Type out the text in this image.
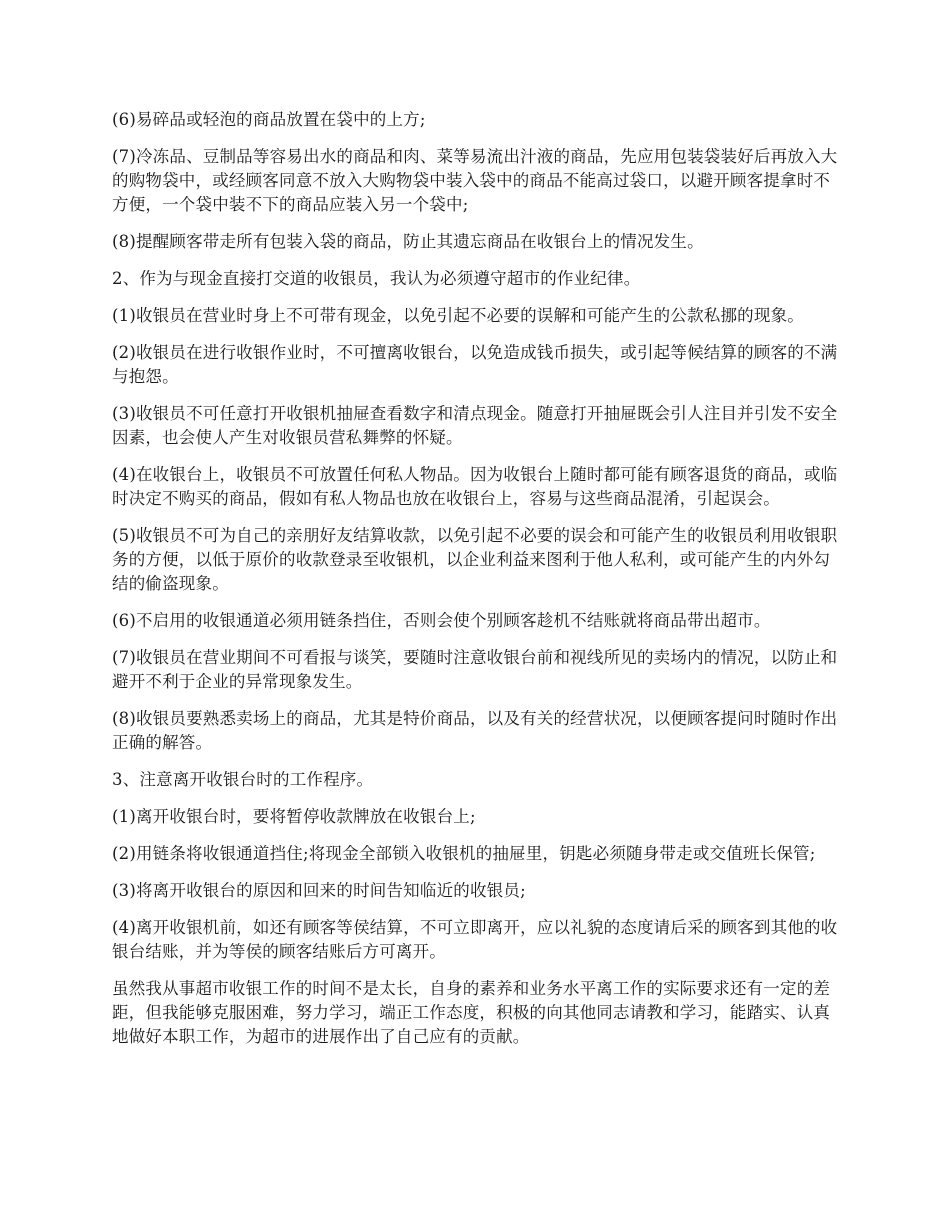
(6)易碎品或轻泡的商品放置在袋中的上方;

(7)冷冻品、豆制品等容易出水的商品和肉、菜等易流出汁液的商品，先应用包装袋装好后再放入大的购物袋中，或经顾客同意不放入大购物袋中装入袋中的商品不能高过袋口，以避开顾客提拿时不方便，一个袋中装不下的商品应装入另一个袋中;

(8)提醒顾客带走所有包装入袋的商品，防止其遗忘商品在收银台上的情况发生。

2、作为与现金直接打交道的收银员，我认为必须遵守超市的作业纪律。

(1)收银员在营业时身上不可带有现金，以免引起不必要的误解和可能产生的公款私挪的现象。

(2)收银员在进行收银作业时，不可擅离收银台，以免造成钱币损失，或引起等候结算的顾客的不满与抱怨。

(3)收银员不可任意打开收银机抽屉查看数字和清点现金。随意打开抽屉既会引人注目并引发不安全因素，也会使人产生对收银员营私舞弊的怀疑。

(4)在收银台上，收银员不可放置任何私人物品。因为收银台上随时都可能有顾客退货的商品，或临时决定不购买的商品，假如有私人物品也放在收银台上，容易与这些商品混淆，引起误会。

(5)收银员不可为自己的亲朋好友结算收款，以免引起不必要的误会和可能产生的收银员利用收银职务的方便，以低于原价的收款登录至收银机，以企业利益来图利于他人私利，或可能产生的内外勾结的偷盗现象。

(6)不启用的收银通道必须用链条挡住，否则会使个别顾客趁机不结账就将商品带出超市。

(7)收银员在营业期间不可看报与谈笑，要随时注意收银台前和视线所见的卖场内的情况，以防止和避开不利于企业的异常现象发生。

(8)收银员要熟悉卖场上的商品，尤其是特价商品，以及有关的经营状况，以便顾客提问时随时作出正确的解答。

3、注意离开收银台时的工作程序。

(1)离开收银台时，要将暂停收款牌放在收银台上;

(2)用链条将收银通道挡住;将现金全部锁入收银机的抽屉里，钥匙必须随身带走或交值班长保管;

(3)将离开收银台的原因和回来的时间告知临近的收银员;

(4)离开收银机前，如还有顾客等侯结算，不可立即离开，应以礼貌的态度请后采的顾客到其他的收银台结账，并为等侯的顾客结账后方可离开。

虽然我从事超市收银工作的时间不是太长，自身的素养和业务水平离工作的实际要求还有一定的差距，但我能够克服困难，努力学习，端正工作态度，积极的向其他同志请教和学习，能踏实、认真地做好本职工作，为超市的进展作出了自己应有的贡献。
